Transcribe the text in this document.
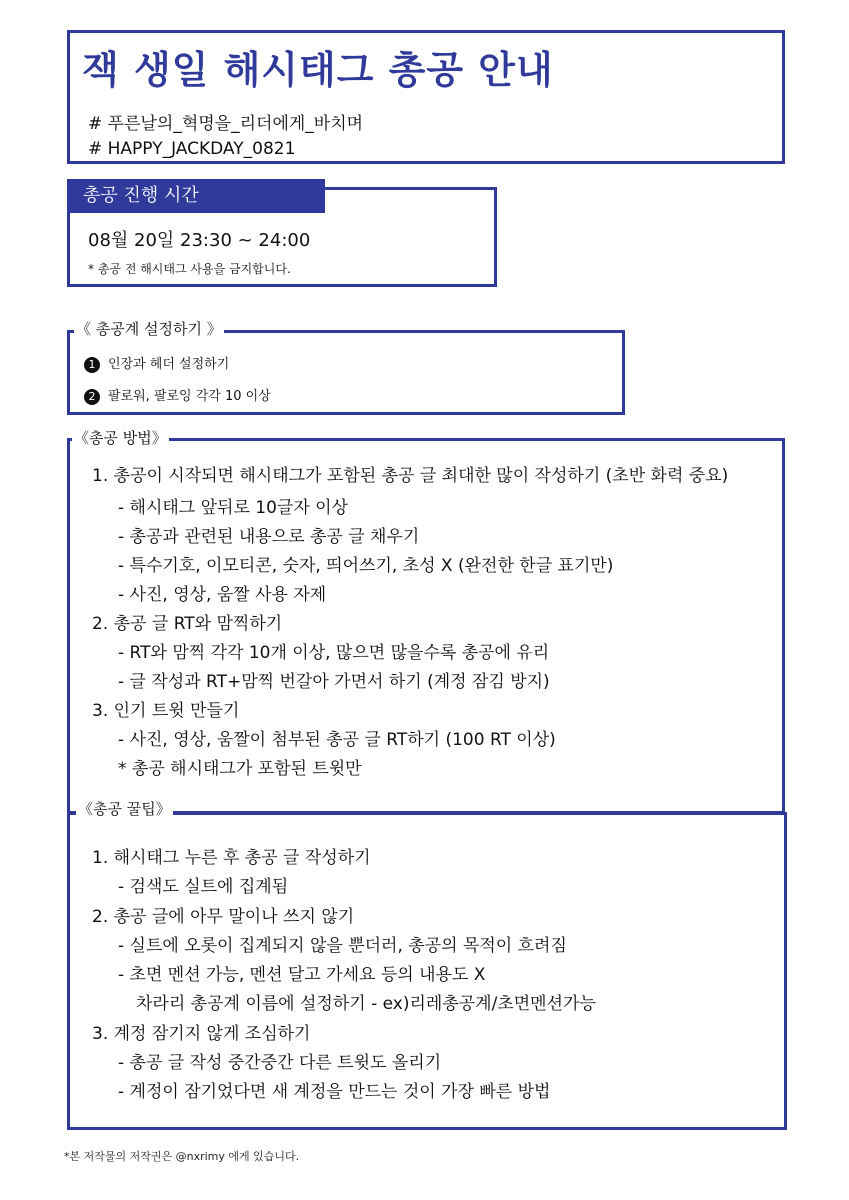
잭 생일 해시태그 총공 안내
# 푸른날의_혁명을_리더에게_바치며
# HAPPY_JACKDAY_0821
08월 20일 23:30 ~ 24:00
* 총공 전 해시태그 사용을 금지합니다.
총공 진행 시간
1 인장과 헤더 설정하기
2 팔로워, 팔로잉 각각 10 이상
《 총공계 설정하기 》
1. 총공이 시작되면 해시태그가 포함된 총공 글 최대한 많이 작성하기 (초반 화력 중요)
- 해시태그 앞뒤로 10글자 이상
- 총공과 관련된 내용으로 총공 글 채우기
- 특수기호, 이모티콘, 숫자, 띄어쓰기, 초성 X (완전한 한글 표기만)
- 사진, 영상, 움짤 사용 자제
2. 총공 글 RT와 맘찍하기
- RT와 맘찍 각각 10개 이상, 많으면 많을수록 총공에 유리
- 글 작성과 RT+맘찍 번갈아 가면서 하기 (계정 잠김 방지)
3. 인기 트윗 만들기
- 사진, 영상, 움짤이 첨부된 총공 글 RT하기 (100 RT 이상)
* 총공 해시태그가 포함된 트윗만
《총공 방법》
1. 해시태그 누른 후 총공 글 작성하기
- 검색도 실트에 집계됨
2. 총공 글에 아무 말이나 쓰지 않기
- 실트에 오롯이 집계되지 않을 뿐더러, 총공의 목적이 흐려짐
- 초면 멘션 가능, 멘션 달고 가세요 등의 내용도 X
차라리 총공계 이름에 설정하기 - ex)리레총공계/초면멘션가능
3. 계정 잠기지 않게 조심하기
- 총공 글 작성 중간중간 다른 트윗도 올리기
- 계정이 잠기었다면 새 계정을 만드는 것이 가장 빠른 방법
《총공 꿀팁》
*본 저작물의 저작권은 @nxrimy 에게 있습니다.
